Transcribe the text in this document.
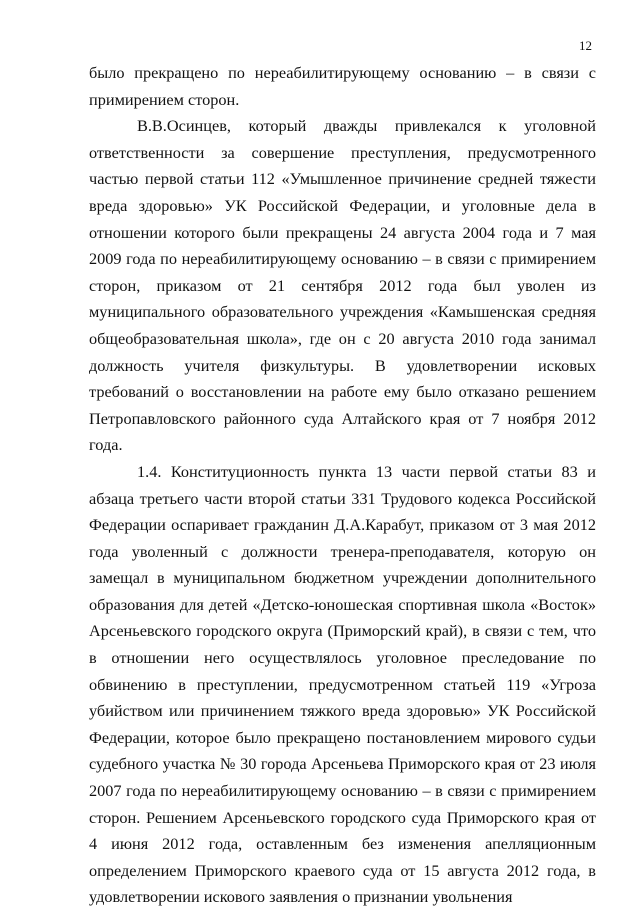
12

было прекращено по нереабилитирующему основанию – в связи с примирением сторон.

В.В.Осинцев, который дважды привлекался к уголовной ответственности за совершение преступления, предусмотренного частью первой статьи 112 «Умышленное причинение средней тяжести вреда здоровью» УК Российской Федерации, и уголовные дела в отношении которого были прекращены 24 августа 2004 года и 7 мая 2009 года по нереабилитирующему основанию – в связи с примирением сторон, приказом от 21 сентября 2012 года был уволен из муниципального образовательного учреждения «Камышенская средняя общеобразовательная школа», где он с 20 августа 2010 года занимал должность учителя физкультуры. В удовлетворении исковых требований о восстановлении на работе ему было отказано решением Петропавловского районного суда Алтайского края от 7 ноября 2012 года.

1.4. Конституционность пункта 13 части первой статьи 83 и абзаца третьего части второй статьи 331 Трудового кодекса Российской Федерации оспаривает гражданин Д.А.Карабут, приказом от 3 мая 2012 года уволенный с должности тренера-преподавателя, которую он замещал в муниципальном бюджетном учреждении дополнительного образования для детей «Детско-юношеская спортивная школа «Восток» Арсеньевского городского округа (Приморский край), в связи с тем, что в отношении него осуществлялось уголовное преследование по обвинению в преступлении, предусмотренном статьей 119 «Угроза убийством или причинением тяжкого вреда здоровью» УК Российской Федерации, которое было прекращено постановлением мирового судьи судебного участка № 30 города Арсеньева Приморского края от 23 июля 2007 года по нереабилитирующему основанию – в связи с примирением сторон. Решением Арсеньевского городского суда Приморского края от 4 июня 2012 года, оставленным без изменения апелляционным определением Приморского краевого суда от 15 августа 2012 года, в удовлетворении искового заявления о признании увольнения
